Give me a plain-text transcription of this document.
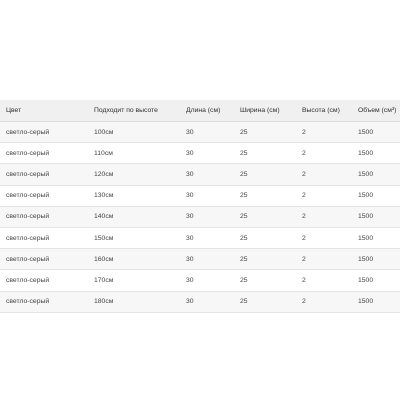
Цвет	Подходит по высоте	Длина (см)	Ширина (см)	Высота (см)	Объем (см³)
светло-серый	100см	30	25	2	1500
светло-серый	110см	30	25	2	1500
светло-серый	120см	30	25	2	1500
светло-серый	130см	30	25	2	1500
светло-серый	140см	30	25	2	1500
светло-серый	150см	30	25	2	1500
светло-серый	160см	30	25	2	1500
светло-серый	170см	30	25	2	1500
светло-серый	180см	30	25	2	1500
